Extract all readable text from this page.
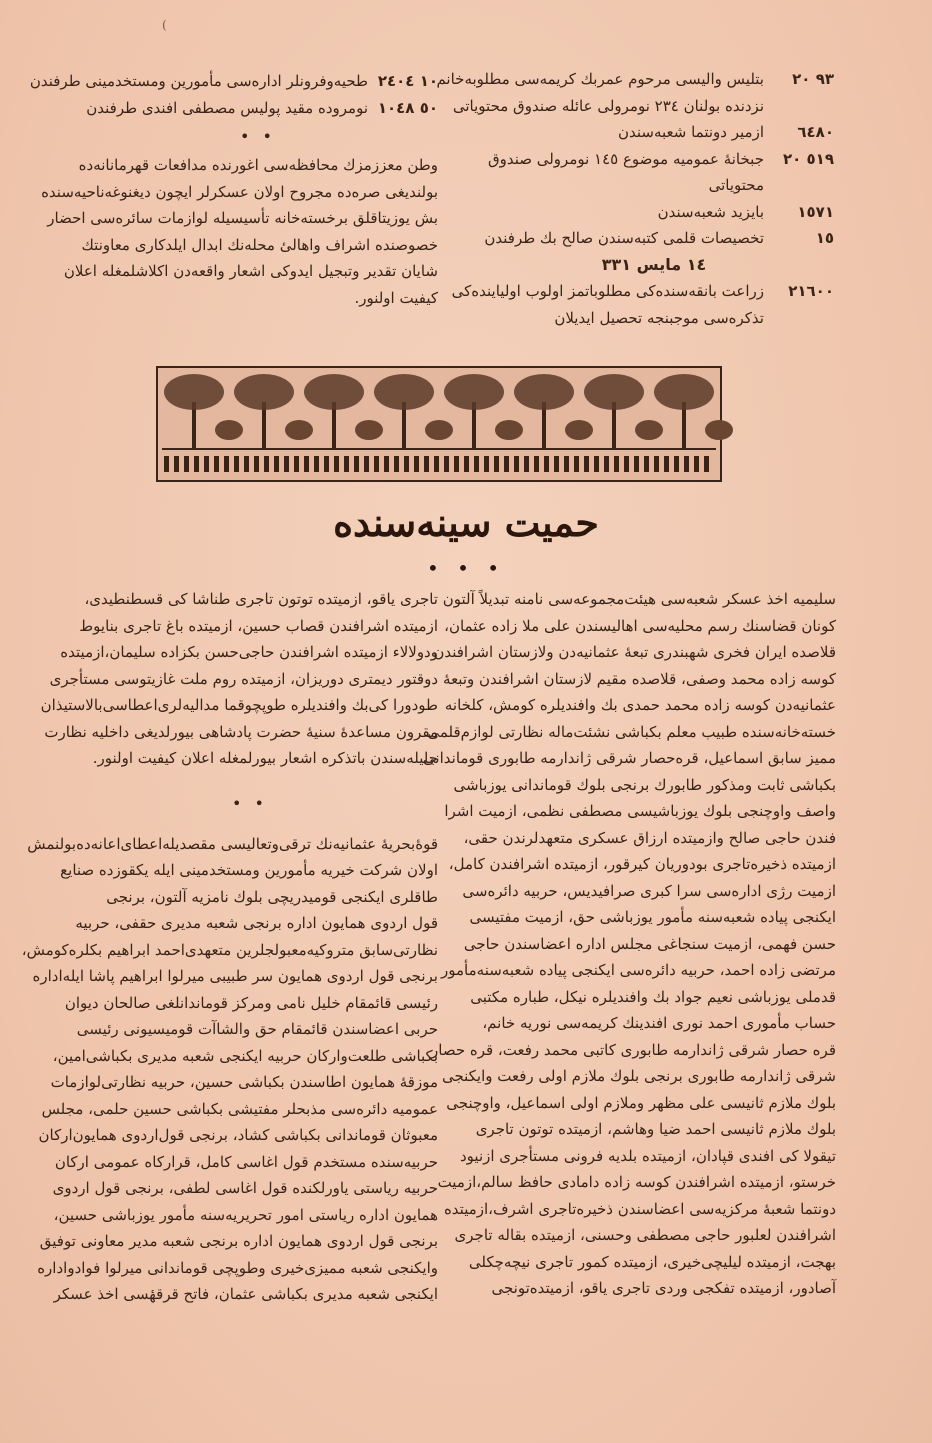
(
٩٣ ٢٠
بتلیس والیسی مرحوم عمربك كریمه‌سی مطلوبه‌خانم
نزدنده بولنان ٢٣٤ نومرولی عائله صندوق محتویاتی
٦٤٨٠
ازمیر دونتما شعبه‌سندن
٥١٩ ٢٠
جبخانهٔ عمومیه موضوع ١٤٥ نومرولی صندوق
محتویاتی
١٥٧١
بایزید شعبه‌سندن
١٥
تخصیصات قلمی کتبه‌سندن صالح بك طرفندن
١٤ مایس ٣٣١
٢١٦٠٠
زراعت بانقه‌سنده‌کی مطلوباتمز اولوب اولیاینده‌کی
تذکره‌سی موجبنجه تحصیل ایدیلان
١٠ ٢٤٠٤
طحیه‌وفرونلر اداره‌سی مأمورین ومستخدمینی طرفندن
٥٠ ١٠٤٨
نومروده مقید پولیس مصطفی افندی طرفندن
• •
وطن معززمزك محافظه‌سی اغورنده مدافعات قهرمانانه‌ده
بولندیغی صره‌ده مجروح اولان عسکرلر ایچون دیغنوغه‌ناحیه‌سنده
بش یوزیتاقلق برخسته‌خانه تأسیسیله لوازمات سائره‌سی احضار
خصوصنده اشراف واهالیٔ محله‌نك ابدال ایلدکاری معاونتك
شایان تقدیر وتبجیل ایدوکی اشعار واقعه‌دن اکلاشلمغله اعلان
کیفیت اولنور.
حمیت سینه‌سنده
• • •
سلیمیه اخذ عسکر شعبه‌سی هیئت‌مجموعه‌سی نامنه تبدیلاً آلتون
کونان قضاسنك رسم محلیه‌سی اهالیسندن علی ملا زاده عثمان،
قلاصده ایران فخری شهبندری تبعهٔ عثمانیه‌دن ولازستان اشرافندن
کوسه زاده محمد وصفی، قلاصده مقیم لازستان اشرافندن وتبعهٔ
عثمانیه‌دن کوسه زاده محمد حمدی بك وافندیلره کومش، کلخانه
خسته‌خانه‌سنده طبیب معلم بکباشی نشئت‌ماله نظارتی لوازم‌قلمی
ممیز سابق اسماعیل، قره‌حصار شرقی ژاندارمه طابوری قوماندانی
بکباشی ثابت ومذکور طابورك برنجی بلوك قوماندانی یوزباشی
واصف واوچنجی بلوك یوزباشیسی مصطفی نظمی، ازمیت اشرا
فندن حاجی صالح وازمیتده ارزاق عسکری متعهدلرندن حقی،
ازمیتده ذخیره‌تاجری بودوریان کیرقور، ازمیتده اشرافندن کامل،
ازمیت رژی اداره‌سی سرا کبری صرافیدیس، حربیه دائره‌سی
ایکنجی پیاده شعبه‌سنه مأمور یوزباشی حق، ازمیت مفتیسی
حسن فهمی، ازمیت سنجاغی مجلس اداره اعضاسندن حاجی
مرتضی زاده احمد، حربیه دائره‌سی ایکنجی پیاده شعبه‌سنه‌مأمور
قدملی یوزباشی نعیم جواد بك وافندیلره نیکل، طباره مکتبی
حساب مأموری احمد نوری افندینك کریمه‌سی نوریه خانم،
قره حصار شرقی ژاندارمه طابوری کاتبی محمد رفعت، قره حصار
شرقی ژاندارمه طابوری برنجی بلوك ملازم اولی رفعت وایکنجی
بلوك ملازم ثانیسی علی مظهر وملازم اولی اسماعیل، واوچنجی
بلوك ملازم ثانیسی احمد ضیا وهاشم، ازمیتده توتون تاجری
تیقولا کی افندی قپادان، ازمیتده بلدیه فرونی مستأجری ازنیود
خرستو، ازمیتده اشرافندن کوسه زاده دامادی حافظ سالم،ازمیت
دونتما شعبهٔ مرکزیه‌سی اعضاسندن ذخیره‌تاجری اشرف،ازمیتده
اشرافندن لعلبور حاجی مصطفی وحسنی، ازمیتده بقاله تاجری
بهجت، ازمیتده لیلیچی‌خیری، ازمیتده کمور تاجری نیچه‌چکلی
آصادور، ازمیتده تفکجی وردی تاجری یاقو، ازمیتده‌تونجی
تاجری یاقو، ازمیتده توتون تاجری طناشا کی قسطنطیدی،
ازمیتده اشرافندن قصاب حسین، ازمیتده باغ تاجری بنایوط
ودولالاء ازمیتده اشرافندن حاجی‌حسن بکزاده سلیمان،ازمیتده
دوقتور دیمتری دوریزان، ازمیتده روم ملت غازیتوسی مستأجری
طودورا کی‌بك وافندیلره طوپچوقما مدالیه‌لری‌اعطاسی‌بالاستیذان
مقرون مساعدهٔ سنیهٔ حضرت پادشاهی بیورلدیغی داخلیه نظارت
جلیله‌سندن باتذکره اشعار بیورلمغله اعلان کیفیت اولنور.
• •
قوهٔ‌بحریهٔ عثمانیه‌نك ترقی‌وتعالیسی مقصدیله‌اعطای‌اعانه‌ده‌بولنمش
اولان شرکت خیریه مأمورین ومستخدمینی ایله یکقوزده صنایع
طاقلری ایکنجی قومیدریچی بلوك نامزیه آلتون، برنجی
قول اردوی همایون اداره برنجی شعبه مدیری حقفی، حربیه
نظارتی‌سابق متروکیه‌معبولجلرین متعهدی‌احمد ابراهیم بکلره‌کومش،
برنجی قول اردوی همایون سر طبیبی میرلوا ابراهیم پاشا ایله‌اداره
رئیسی قائمقام خلیل نامی ومرکز قوماندانلغی صالحان دیوان
حربی اعضاسندن قائمقام حق والشاآت قومیسیونی رئیسی
بکباشی طلعت‌وارکان حربیه ایکنجی شعبه مدیری بکباشی‌امین،
موزقهٔ همایون اطاسندن بکباشی حسین، حربیه نظارتی‌لوازمات
عمومیه دائره‌سی مذبحلر مفتیشی بکباشی حسین حلمی، مجلس
معبوثان قوماندانی بکباشی کشاد، برنجی قول‌اردوی همایون‌ارکان
حربیه‌سنده مستخدم قول اغاسی کامل، قرارکاه عمومی ارکان
حربیه ریاستی یاورلکنده قول اغاسی لطفی، برنجی قول اردوی
همایون اداره ریاستی امور تحریریه‌سنه مأمور یوزباشی حسین،
برنجی قول اردوی همایون اداره برنجی شعبه مدیر معاونی توفیق
وایکنجی شعبه ممیزی‌خیری وطوپچی قوماندانی میرلوا فوادواداره
ایکنجی شعبه مدیری بکباشی عثمان، فاتح قرقهٔسی اخذ عسکر
